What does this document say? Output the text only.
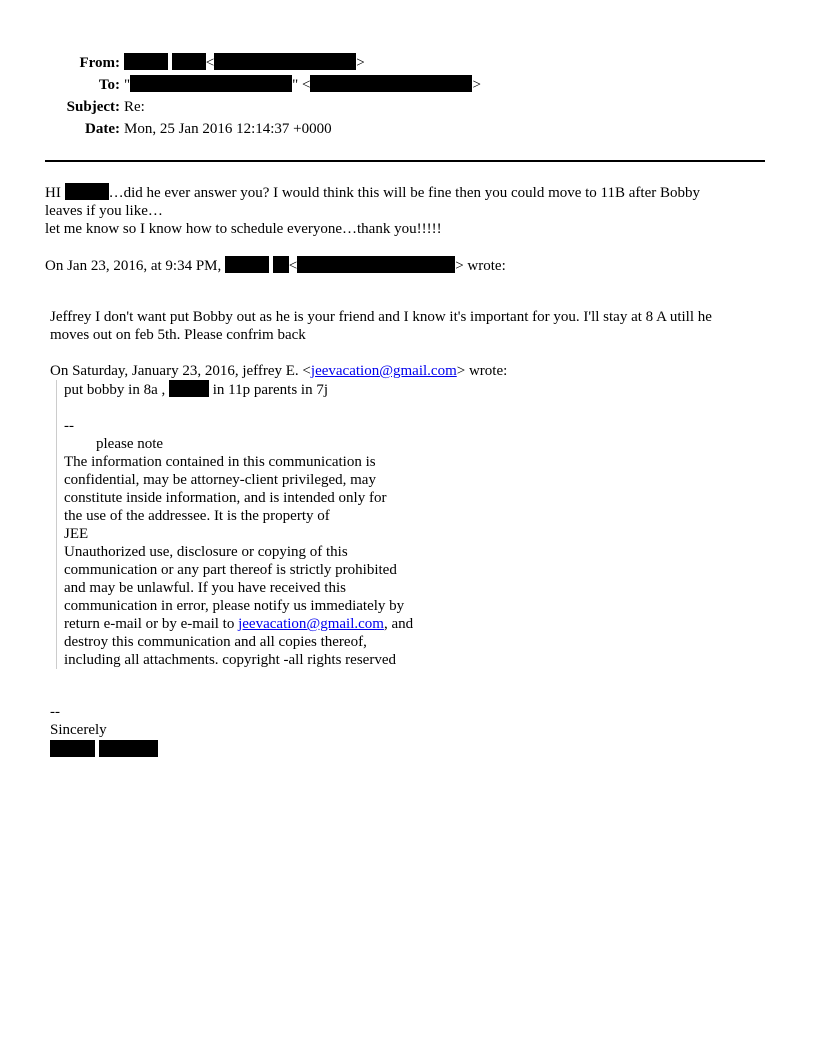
From:	<	>
To: "	" <	>
Subject: Re:
Date: Mon, 25 Jan 2016 12:14:37 +0000
HI	…did he ever answer you? I would think this will be fine then you could move to 11B after Bobby
leaves if you like…
let me know so I know how to schedule everyone…thank you!!!!!
On Jan 23, 2016, at 9:34 PM,	<	> wrote:
Jeffrey I don't want put Bobby out as he is your friend and I know it's important for you. I'll stay at 8 A utill he
moves out on feb 5th. Please confrim back
On Saturday, January 23, 2016, jeffrey E. <jeevacation@gmail.com> wrote:
put bobby in 8a ,	in 11p parents in 7j
--
please note
The information contained in this communication is
confidential, may be attorney-client privileged, may
constitute inside information, and is intended only for
the use of the addressee. It is the property of
JEE
Unauthorized use, disclosure or copying of this
communication or any part thereof is strictly prohibited
and may be unlawful. If you have received this
communication in error, please notify us immediately by
return e-mail or by e-mail to jeevacation@gmail.com, and
destroy this communication and all copies thereof,
including all attachments. copyright -all rights reserved
--
Sincerely
